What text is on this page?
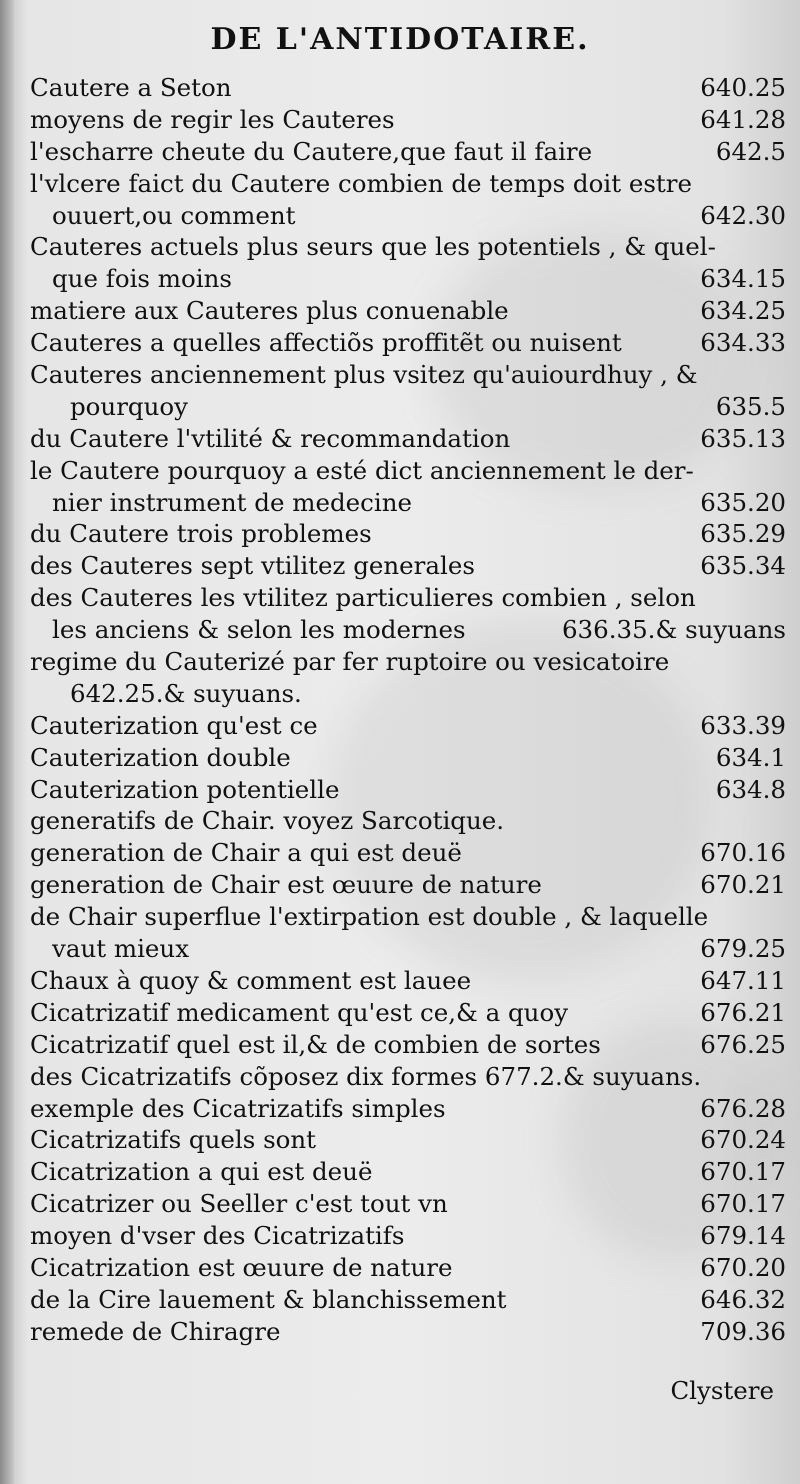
DE L'ANTIDOTAIRE.
Cautere a Seton	640.25
moyens de regir les Cauteres	641.28
l'escharre cheute du Cautere,que faut il faire	642.5
l'vlcere faict du Cautere combien de temps doit estre
ouuert,ou comment	642.30
Cauteres actuels plus seurs que les potentiels , & quel-
que fois moins	634.15
matiere aux Cauteres plus conuenable	634.25
Cauteres a quelles affectiõs proffitẽt ou nuisent	634.33
Cauteres anciennement plus vsitez qu'auiourdhuy , &
pourquoy	635.5
du Cautere l'vtilité & recommandation	635.13
le Cautere pourquoy a esté dict anciennement le der-
nier instrument de medecine	635.20
du Cautere trois problemes	635.29
des Cauteres sept vtilitez generales	635.34
des Cauteres les vtilitez particulieres combien , selon
les anciens & selon les modernes	636.35.& suyuans
regime du Cauterizé par fer ruptoire ou vesicatoire
642.25.& suyuans.
Cauterization qu'est ce	633.39
Cauterization double	634.1
Cauterization potentielle	634.8
generatifs de Chair. voyez Sarcotique.
generation de Chair a qui est deuë	670.16
generation de Chair est œuure de nature	670.21
de Chair superflue l'extirpation est double , & laquelle
vaut mieux	679.25
Chaux à quoy & comment est lauee	647.11
Cicatrizatif medicament qu'est ce,& a quoy	676.21
Cicatrizatif quel est il,& de combien de sortes	676.25
des Cicatrizatifs cõposez dix formes 677.2.& suyuans.
exemple des Cicatrizatifs simples	676.28
Cicatrizatifs quels sont	670.24
Cicatrization a qui est deuë	670.17
Cicatrizer ou Seeller c'est tout vn	670.17
moyen d'vser des Cicatrizatifs	679.14
Cicatrization est œuure de nature	670.20
de la Cire lauement & blanchissement	646.32
remede de Chiragre	709.36
Clystere
